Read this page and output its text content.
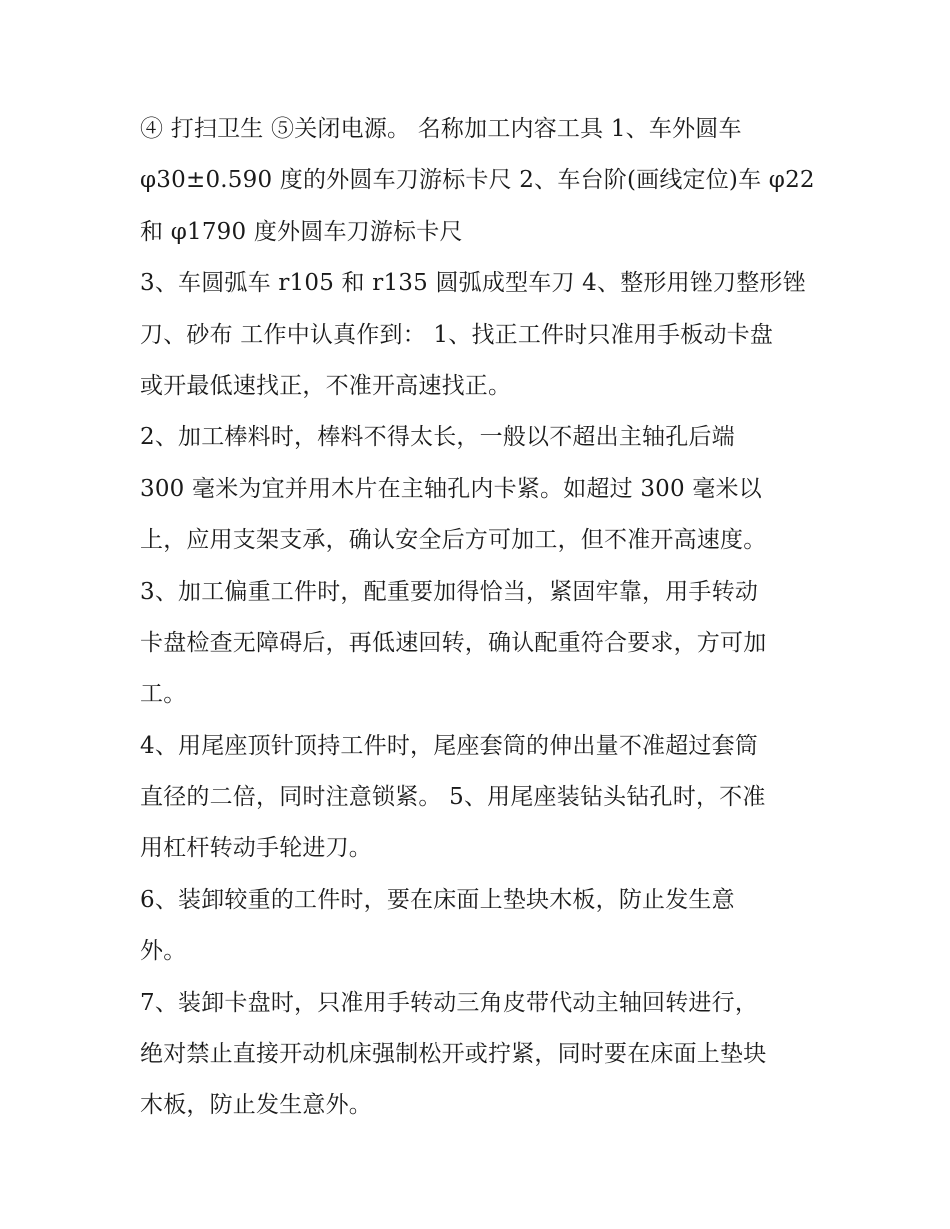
④ 打扫卫生 ⑤关闭电源。 名称加工内容工具 1、车外圆车
φ30±0.590 度的外圆车刀游标卡尺 2、车台阶(画线定位)车 φ22
和 φ1790 度外圆车刀游标卡尺
3、车圆弧车 r105 和 r135 圆弧成型车刀 4、整形用锉刀整形锉
刀、砂布 工作中认真作到： 1、找正工件时只准用手板动卡盘
或开最低速找正，不准开高速找正。
2、加工棒料时，棒料不得太长，一般以不超出主轴孔后端
300 毫米为宜并用木片在主轴孔内卡紧。如超过 300 毫米以
上，应用支架支承，确认安全后方可加工，但不准开高速度。
3、加工偏重工件时，配重要加得恰当，紧固牢靠，用手转动
卡盘检查无障碍后，再低速回转，确认配重符合要求，方可加
工。
4、用尾座顶针顶持工件时，尾座套筒的伸出量不准超过套筒
直径的二倍，同时注意锁紧。 5、用尾座装钻头钻孔时，不准
用杠杆转动手轮进刀。
6、装卸较重的工件时，要在床面上垫块木板，防止发生意
外。
7、装卸卡盘时，只准用手转动三角皮带代动主轴回转进行，
绝对禁止直接开动机床强制松开或拧紧，同时要在床面上垫块
木板，防止发生意外。
